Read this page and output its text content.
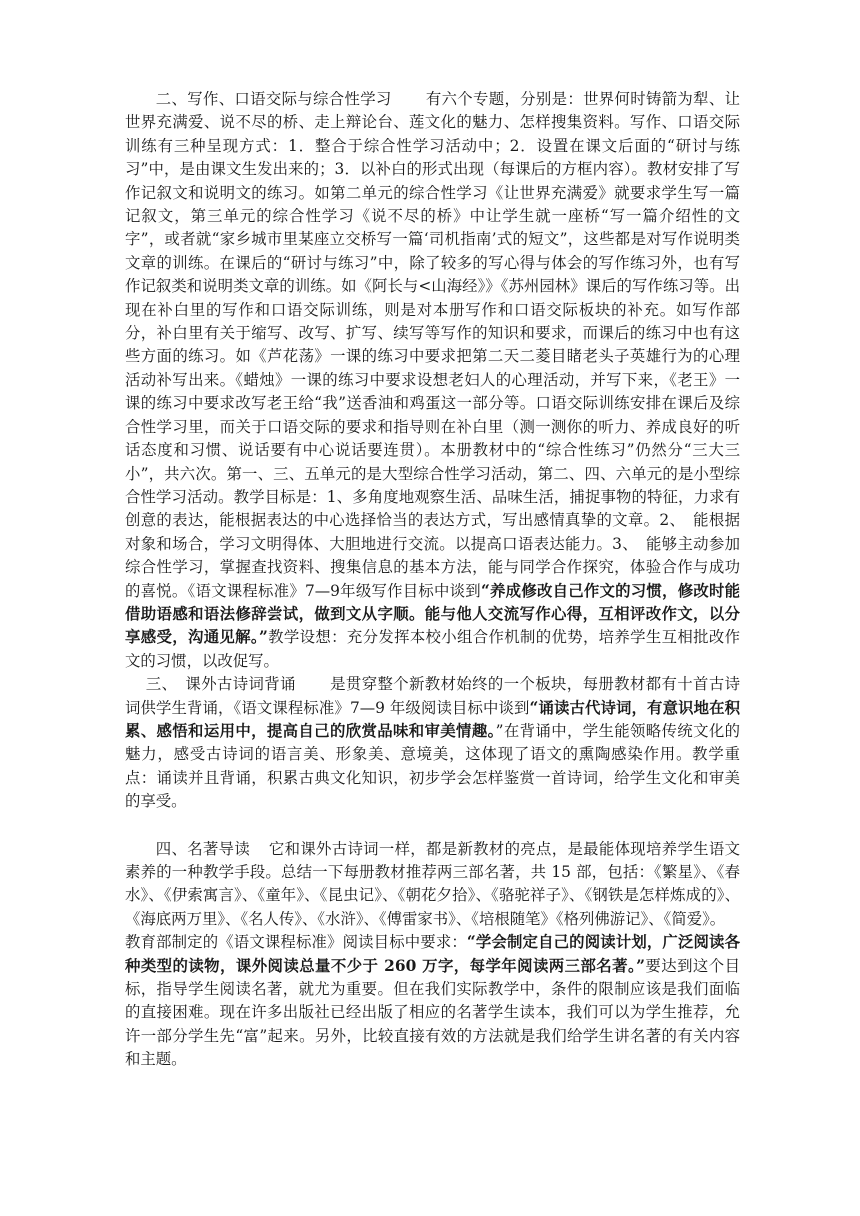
二、写作、口语交际与综合性学习 有六个专题，分别是：世界何时铸箭为犁、让世界充满爱、说不尽的桥、走上辩论台、莲文化的魅力、怎样搜集资料。写作、口语交际训练有三种呈现方式：1．整合于综合性学习活动中；2．设置在课文后面的“研讨与练习”中，是由课文生发出来的；3．以补白的形式出现（每课后的方框内容）。教材安排了写作记叙文和说明文的练习。如第二单元的综合性学习《让世界充满爱》就要求学生写一篇记叙文，第三单元的综合性学习《说不尽的桥》中让学生就一座桥“写一篇介绍性的文字”，或者就“家乡城市里某座立交桥写一篇‘司机指南’式的短文”，这些都是对写作说明类文章的训练。在课后的“研讨与练习”中，除了较多的写心得与体会的写作练习外，也有写作记叙类和说明类文章的训练。如《阿长与<山海经》》《苏州园林》课后的写作练习等。出现在补白里的写作和口语交际训练，则是对本册写作和口语交际板块的补充。如写作部分，补白里有关于缩写、改写、扩写、续写等写作的知识和要求，而课后的练习中也有这些方面的练习。如《芦花荡》一课的练习中要求把第二天二菱目睹老头子英雄行为的心理活动补写出来。《蜡烛》一课的练习中要求设想老妇人的心理活动，并写下来，《老王》一课的练习中要求改写老王给“我”送香油和鸡蛋这一部分等。口语交际训练安排在课后及综合性学习里，而关于口语交际的要求和指导则在补白里（测一测你的听力、养成良好的听话态度和习惯、说话要有中心说话要连贯）。本册教材中的“综合性练习”仍然分“三大三小”，共六次。第一、三、五单元的是大型综合性学习活动，第二、四、六单元的是小型综合性学习活动。教学目标是：1、多角度地观察生活、品味生活，捕捉事物的特征，力求有创意的表达，能根据表达的中心选择恰当的表达方式，写出感情真挚的文章。2、　能根据对象和场合，学习文明得体、大胆地进行交流。以提高口语表达能力。3、　能够主动参加综合性学习，掌握查找资料、搜集信息的基本方法，能与同学合作探究，体验合作与成功的喜悦。《语文课程标准》7—9年级写作目标中谈到“养成修改自己作文的习惯，修改时能借助语感和语法修辞尝试，做到文从字顺。能与他人交流写作心得，互相评改作文，以分享感受，沟通见解。”教学设想：充分发挥本校小组合作机制的优势，培养学生互相批改作文的习惯，以改促写。

三、　课外古诗词背诵 是贯穿整个新教材始终的一个板块，每册教材都有十首古诗词供学生背诵，《语文课程标准》7—9 年级阅读目标中谈到“诵读古代诗词，有意识地在积累、感悟和运用中，提高自己的欣赏品味和审美情趣。”在背诵中，学生能领略传统文化的魅力，感受古诗词的语言美、形象美、意境美，这体现了语文的熏陶感染作用。教学重点：诵读并且背诵，积累古典文化知识，初步学会怎样鉴赏一首诗词，给学生文化和审美的享受。

四、名著导读 它和课外古诗词一样，都是新教材的亮点，是最能体现培养学生语文素养的一种教学手段。总结一下每册教材推荐两三部名著，共 15 部，包括：《繁星》、《春水》、《伊索寓言》、《童年》、《昆虫记》、《朝花夕拾》、《骆驼祥子》、《钢铁是怎样炼成的》、《海底两万里》、《名人传》、《水浒》、《傅雷家书》、《培根随笔》《格列佛游记》、《简爱》。

教育部制定的《语文课程标准》阅读目标中要求：“学会制定自己的阅读计划，广泛阅读各种类型的读物，课外阅读总量不少于 260 万字，每学年阅读两三部名著。”要达到这个目标，指导学生阅读名著，就尤为重要。但在我们实际教学中，条件的限制应该是我们面临的直接困难。现在许多出版社已经出版了相应的名著学生读本，我们可以为学生推荐，允许一部分学生先“富”起来。另外，比较直接有效的方法就是我们给学生讲名著的有关内容和主题。
